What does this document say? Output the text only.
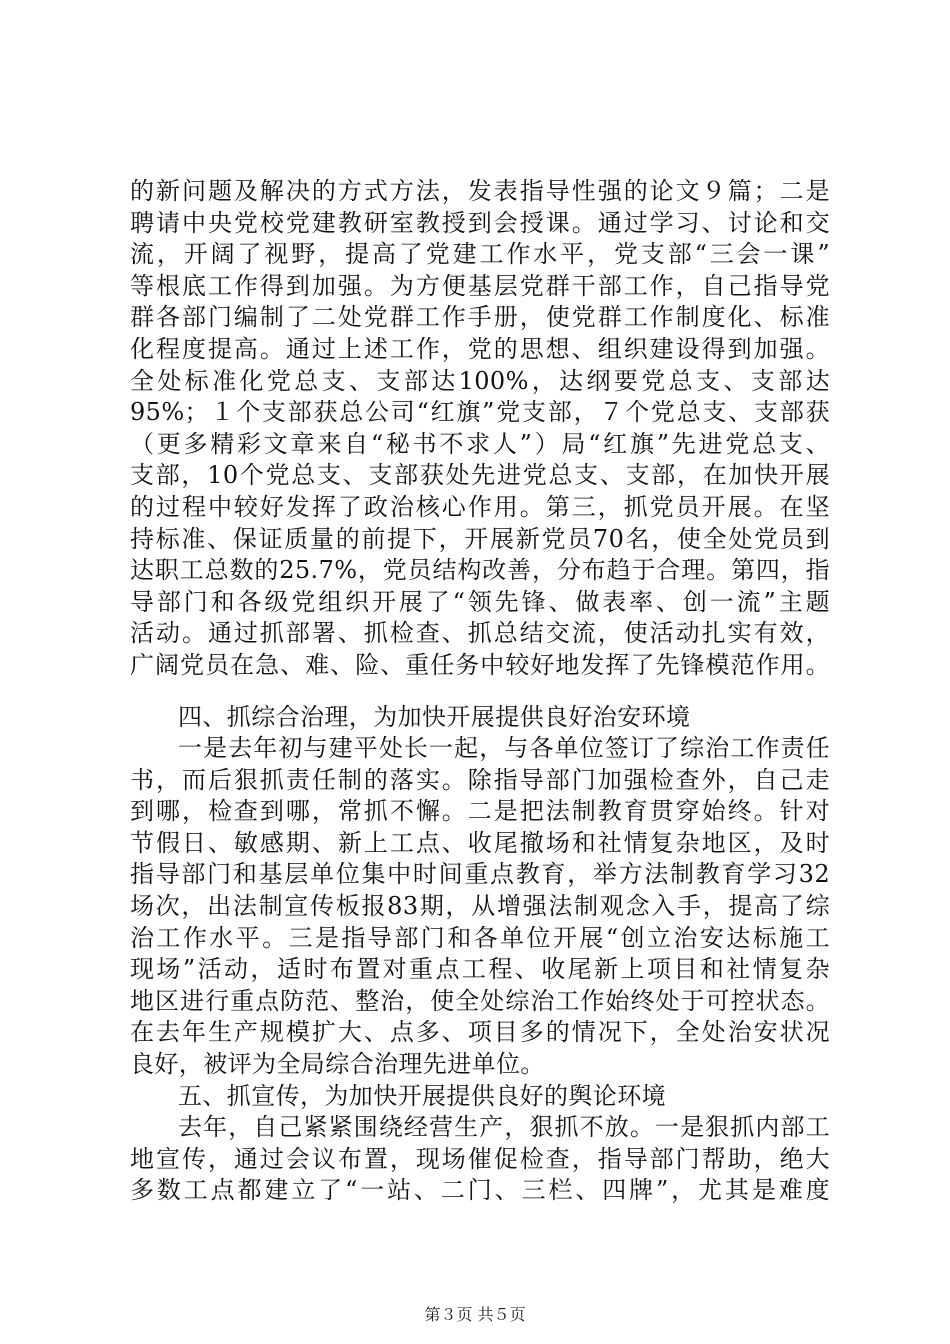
的新问题及解决的方式方法，发表指导性强的论文９篇；二是
聘请中央党校党建教研室教授到会授课。通过学习、讨论和交
流，开阔了视野，提高了党建工作水平，党支部“三会一课”
等根底工作得到加强。为方便基层党群干部工作，自己指导党
群各部门编制了二处党群工作手册，使党群工作制度化、标准
化程度提高。通过上述工作，党的思想、组织建设得到加强。
全处标准化党总支、支部达100%，达纲要党总支、支部达
95%；１个支部获总公司“红旗”党支部，７个党总支、支部获
（更多精彩文章来自“秘书不求人”）局“红旗”先进党总支、
支部，10个党总支、支部获处先进党总支、支部，在加快开展
的过程中较好发挥了政治核心作用。第三，抓党员开展。在坚
持标准、保证质量的前提下，开展新党员70名，使全处党员到
达职工总数的25.7%，党员结构改善，分布趋于合理。第四，指
导部门和各级党组织开展了“领先锋、做表率、创一流”主题
活动。通过抓部署、抓检查、抓总结交流，使活动扎实有效，
广阔党员在急、难、险、重任务中较好地发挥了先锋模范作用。
四、抓综合治理，为加快开展提供良好治安环境
一是去年初与建平处长一起，与各单位签订了综治工作责任
书，而后狠抓责任制的落实。除指导部门加强检查外，自己走
到哪，检查到哪，常抓不懈。二是把法制教育贯穿始终。针对
节假日、敏感期、新上工点、收尾撤场和社情复杂地区，及时
指导部门和基层单位集中时间重点教育，举方法制教育学习32
场次，出法制宣传板报83期，从增强法制观念入手，提高了综
治工作水平。三是指导部门和各单位开展“创立治安达标施工
现场”活动，适时布置对重点工程、收尾新上项目和社情复杂
地区进行重点防范、整治，使全处综治工作始终处于可控状态。
在去年生产规模扩大、点多、项目多的情况下，全处治安状况
良好，被评为全局综合治理先进单位。
五、抓宣传，为加快开展提供良好的舆论环境
去年，自己紧紧围绕经营生产，狠抓不放。一是狠抓内部工
地宣传，通过会议布置，现场催促检查，指导部门帮助，绝大
多数工点都建立了“一站、二门、三栏、四牌”，尤其是难度
第３页 共５页
